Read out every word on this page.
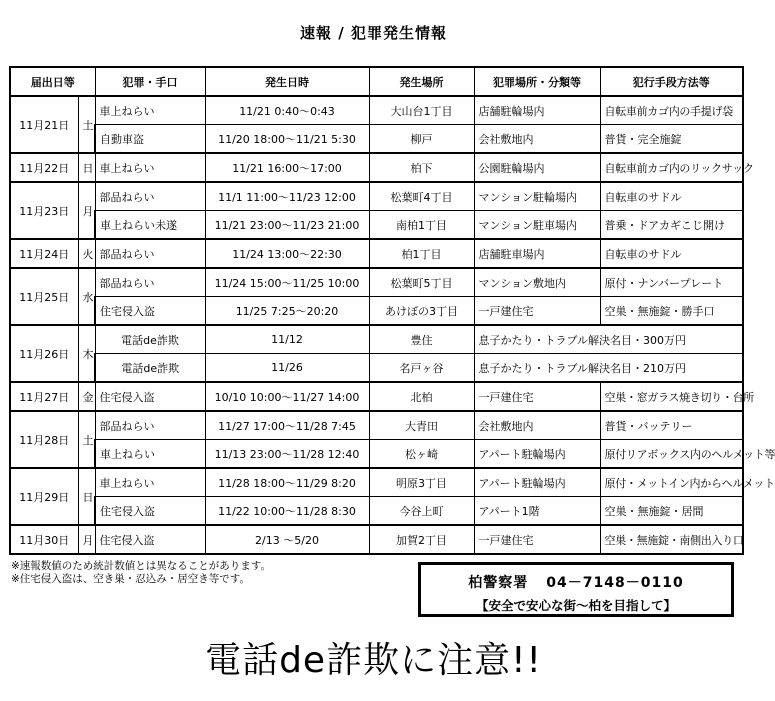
速報 / 犯罪発生情報
届出日等		犯罪・手口	発生日時	発生場所	犯罪場所・分類等	犯行手段方法等
11月21日	土	車上ねらい	11/21 0:40～0:43	大山台1丁目	店舗駐輪場内	自転車前カゴ内の手提げ袋
		自動車盗	11/20 18:00～11/21 5:30	柳戸	会社敷地内	普貨・完全施錠
11月22日	日	車上ねらい	11/21 16:00～17:00	柏下	公園駐輪場内	自転車前カゴ内のリックサック
11月23日	月	部品ねらい	11/1 11:00～11/23 12:00	松葉町4丁目	マンション駐輪場内	自転車のサドル
		車上ねらい未遂	11/21 23:00～11/23 21:00	南柏1丁目	マンション駐車場内	普乗・ドアカギこじ開け
11月24日	火	部品ねらい	11/24 13:00～22:30	柏1丁目	店舗駐車場内	自転車のサドル
11月25日	水	部品ねらい	11/24 15:00～11/25 10:00	松葉町5丁目	マンション敷地内	原付・ナンバープレート
		住宅侵入盗	11/25 7:25～20:20	あけぼの3丁目	一戸建住宅	空巣・無施錠・勝手口
11月26日	木	電話de詐欺	11/12	豊住	息子かたり・トラブル解決名目・300万円	
		電話de詐欺	11/26	名戸ヶ谷	息子かたり・トラブル解決名目・210万円	
11月27日	金	住宅侵入盗	10/10 10:00～11/27 14:00	北柏	一戸建住宅	空巣・窓ガラス焼き切り・台所
11月28日	土	部品ねらい	11/27 17:00～11/28 7:45	大青田	会社敷地内	普貨・バッテリー
		車上ねらい	11/13 23:00～11/28 12:40	松ヶ崎	アパート駐輪場内	原付リアボックス内のヘルメット等
11月29日	日	車上ねらい	11/28 18:00～11/29 8:20	明原3丁目	アパート駐輪場内	原付・メットイン内からヘルメット
		住宅侵入盗	11/22 10:00～11/28 8:30	今谷上町	アパート1階	空巣・無施錠・居間
11月30日	月	住宅侵入盗	2/13 ～5/20	加賀2丁目	一戸建住宅	空巣・無施錠・南側出入り口
※速報数値のため統計数値とは異なることがあります。
※住宅侵入盗は、空き巣・忍込み・居空き等です。	柏警察署 04－7148－0110
【安全で安心な街～柏を目指して】
電話de詐欺に注意!!
